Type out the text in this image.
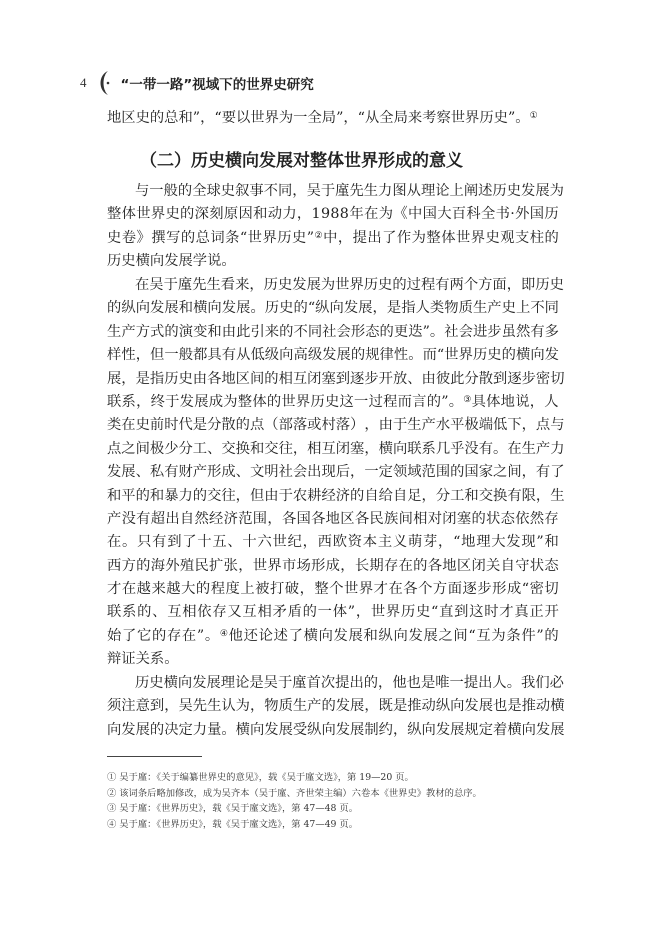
4	“一带一路”视域下的世界史研究

地区史的总和”，“要以世界为一全局”，“从全局来考察世界历史”。①

（二）历史横向发展对整体世界形成的意义

与 一 般 的 全 球 史 叙 事 不 同 ， 吴 于 廑 先 生 力 图 从 理 论 上 阐 述 历 史 发 展 为

整 体 世 界 史 的 深 刻 原 因 和 动 力 ， 1 9 8 8 年 在 为 《 中 国 大 百 科 全 书 · 外 国 历

史 卷 》 撰 写 的 总 词 条 “ 世 界 历 史 ” ② 中 ， 提 出 了 作 为 整 体 世 界 史 观 支 柱 的

历 史 横 向 发 展 学 说 。

在 吴 于 廑 先 生 看 来 ， 历 史 发 展 为 世 界 历 史 的 过 程 有 两 个 方 面 ， 即 历 史

的 纵 向 发 展 和 横 向 发 展 。 历 史 的 “ 纵 向 发 展 ， 是 指 人 类 物 质 生 产 史 上 不 同

生 产 方 式 的 演 变 和 由 此 引 来 的 不 同 社 会 形 态 的 更 迭 ” 。 社 会 进 步 虽 然 有 多

样 性 ， 但 一 般 都 具 有 从 低 级 向 高 级 发 展 的 规 律 性 。 而 “ 世 界 历 史 的 横 向 发

展 ， 是 指 历 史 由 各 地 区 间 的 相 互 闭 塞 到 逐 步 开 放 、 由 彼 此 分 散 到 逐 步 密 切

联 系 ， 终 于 发 展 成 为 整 体 的 世 界 历 史 这 一 过 程 而 言 的 ” 。 ③ 具 体 地 说 ， 人

类 在 史 前 时 代 是 分 散 的 点 （ 部 落 或 村 落 ） ， 由 于 生 产 水 平 极 端 低 下 ， 点 与

点 之 间 极 少 分 工 、 交 换 和 交 往 ， 相 互 闭 塞 ， 横 向 联 系 几 乎 没 有 。 在 生 产 力

发 展 、 私 有 财 产 形 成 、 文 明 社 会 出 现 后 ， 一 定 领 域 范 围 的 国 家 之 间 ， 有 了

和 平 的 和 暴 力 的 交 往 ， 但 由 于 农 耕 经 济 的 自 给 自 足 ， 分 工 和 交 换 有 限 ， 生

产 没 有 超 出 自 然 经 济 范 围 ， 各 国 各 地 区 各 民 族 间 相 对 闭 塞 的 状 态 依 然 存

在 。 只 有 到 了 十 五 、 十 六 世 纪 ， 西 欧 资 本 主 义 萌 芽 ， “ 地 理 大 发 现 ” 和

西 方 的 海 外 殖 民 扩 张 ， 世 界 市 场 形 成 ， 长 期 存 在 的 各 地 区 闭 关 自 守 状 态

才 在 越 来 越 大 的 程 度 上 被 打 破 ， 整 个 世 界 才 在 各 个 方 面 逐 步 形 成 “ 密 切

联 系 的 、 互 相 依 存 又 互 相 矛 盾 的 一 体 ” ， 世 界 历 史 “ 直 到 这 时 才 真 正 开

始 了 它 的 存 在 ” 。 ④ 他 还 论 述 了 横 向 发 展 和 纵 向 发 展 之 间 “ 互 为 条 件 ” 的

辩 证 关 系 。

历 史 横 向 发 展 理 论 是 吴 于 廑 首 次 提 出 的 ， 他 也 是 唯 一 提 出 人 。 我 们 必

须 注 意 到 ， 吴 先 生 认 为 ， 物 质 生 产 的 发 展 ， 既 是 推 动 纵 向 发 展 也 是 推 动 横

向 发 展 的 决 定 力 量 。 横 向 发 展 受 纵 向 发 展 制 约 ， 纵 向 发 展 规 定 着 横 向 发 展

① 吴于廑：《关于编纂世界史的意见》，载《吴于廑文选》，第 19—20 页。
② 该词条后略加修改，成为吴齐本（吴于廑、齐世荣主编）六卷本《世界史》教材的总序。
③ 吴于廑：《世界历史》，载《吴于廑文选》，第 47—48 页。
④ 吴于廑：《世界历史》，载《吴于廑文选》，第 47—49 页。
